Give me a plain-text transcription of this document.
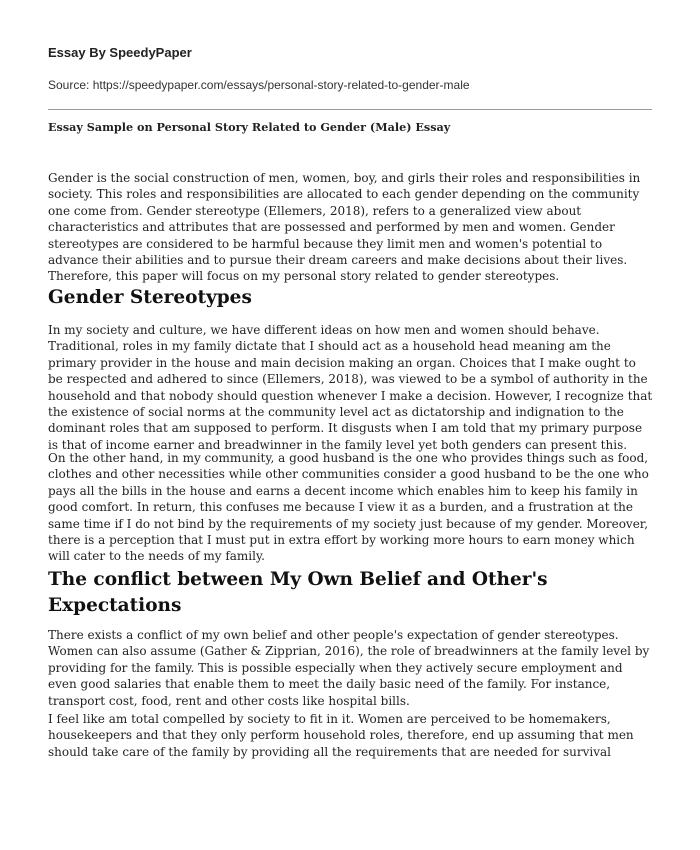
Essay By SpeedyPaper
Source: https://speedypaper.com/essays/personal-story-related-to-gender-male
Essay Sample on Personal Story Related to Gender (Male) Essay

Gender is the social construction of men, women, boy, and girls their roles and responsibilities in society. This roles and responsibilities are allocated to each gender depending on the community one come from. Gender stereotype (Ellemers, 2018), refers to a generalized view about characteristics and attributes that are possessed and performed by men and women. Gender stereotypes are considered to be harmful because they limit men and women's potential to advance their abilities and to pursue their dream careers and make decisions about their lives. Therefore, this paper will focus on my personal story related to gender stereotypes.

Gender Stereotypes

In my society and culture, we have different ideas on how men and women should behave. Traditional, roles in my family dictate that I should act as a household head meaning am the primary provider in the house and main decision making an organ. Choices that I make ought to be respected and adhered to since (Ellemers, 2018), was viewed to be a symbol of authority in the household and that nobody should question whenever I make a decision. However, I recognize that the existence of social norms at the community level act as dictatorship and indignation to the dominant roles that am supposed to perform. It disgusts when I am told that my primary purpose is that of income earner and breadwinner in the family level yet both genders can present this.

On the other hand, in my community, a good husband is the one who provides things such as food, clothes and other necessities while other communities consider a good husband to be the one who pays all the bills in the house and earns a decent income which enables him to keep his family in good comfort. In return, this confuses me because I view it as a burden, and a frustration at the same time if I do not bind by the requirements of my society just because of my gender. Moreover, there is a perception that I must put in extra effort by working more hours to earn money which will cater to the needs of my family.

The conflict between My Own Belief and Other's Expectations

There exists a conflict of my own belief and other people's expectation of gender stereotypes. Women can also assume (Gather & Zipprian, 2016), the role of breadwinners at the family level by providing for the family. This is possible especially when they actively secure employment and even good salaries that enable them to meet the daily basic need of the family. For instance, transport cost, food, rent and other costs like hospital bills.

I feel like am total compelled by society to fit in it. Women are perceived to be homemakers, housekeepers and that they only perform household roles, therefore, end up assuming that men should take care of the family by providing all the requirements that are needed for survival
